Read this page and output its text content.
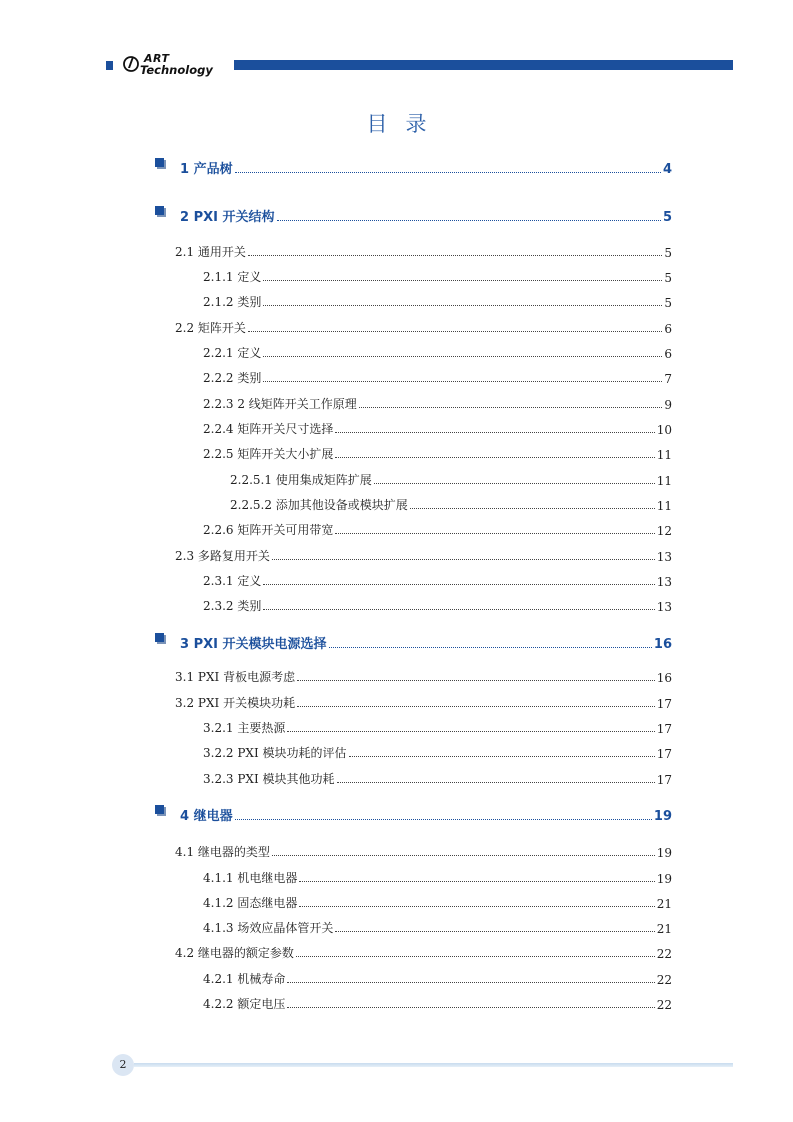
ART
Technology
目录
1 产品树	4
2 PXI 开关结构	5
2.1 通用开关	5
2.1.1 定义	5
2.1.2 类别	5
2.2 矩阵开关	6
2.2.1 定义	6
2.2.2 类别	7
2.2.3 2 线矩阵开关工作原理	9
2.2.4 矩阵开关尺寸选择	10
2.2.5 矩阵开关大小扩展	11
2.2.5.1 使用集成矩阵扩展	11
2.2.5.2 添加其他设备或模块扩展	11
2.2.6 矩阵开关可用带宽	12
2.3 多路复用开关	13
2.3.1 定义	13
2.3.2 类别	13
3 PXI 开关模块电源选择	16
3.1 PXI 背板电源考虑	16
3.2 PXI 开关模块功耗	17
3.2.1 主要热源	17
3.2.2 PXI 模块功耗的评估	17
3.2.3 PXI 模块其他功耗	17
4 继电器	19
4.1 继电器的类型	19
4.1.1 机电继电器	19
4.1.2 固态继电器	21
4.1.3 场效应晶体管开关	21
4.2 继电器的额定参数	22
4.2.1 机械寿命	22
4.2.2 额定电压	22
2
